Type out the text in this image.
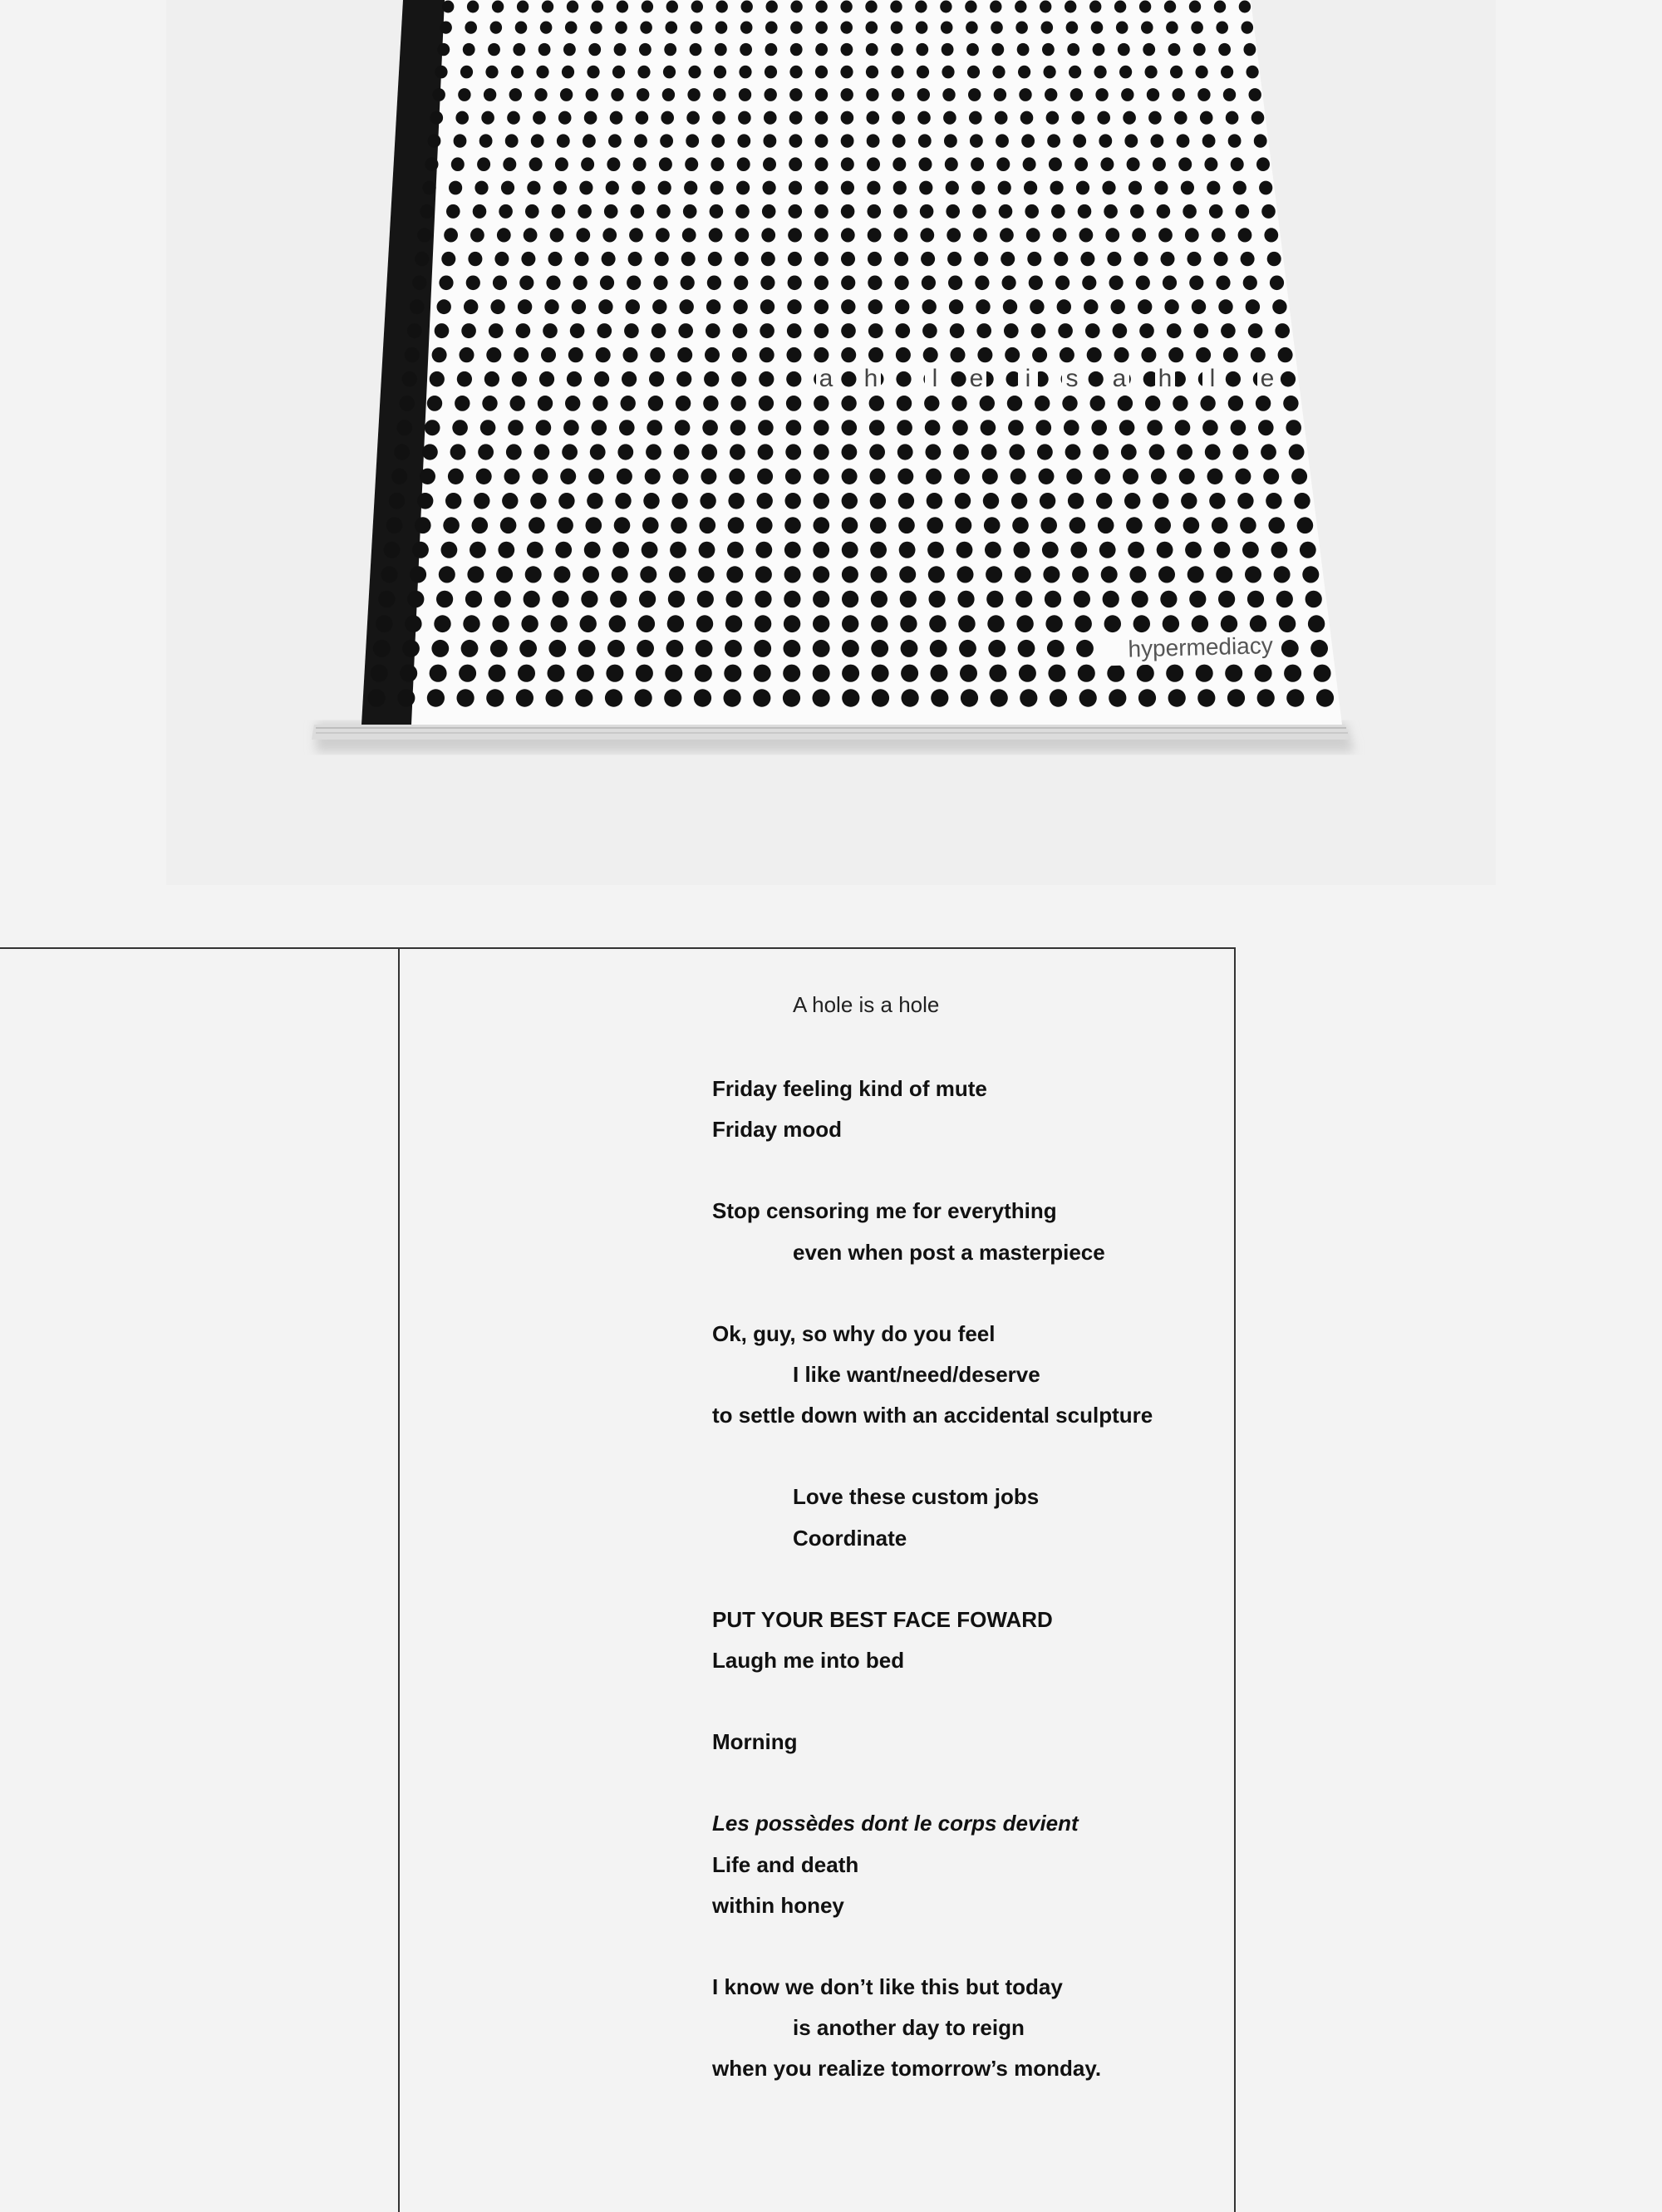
a h l e i s a h l e
hypermediacy
A hole is a hole
Friday feeling kind of mute
Friday mood
Stop censoring me for everything
even when post a masterpiece
Ok, guy, so why do you feel
I like want/need/deserve
to settle down with an accidental sculpture
Love these custom jobs
Coordinate
PUT YOUR BEST FACE FOWARD
Laugh me into bed
Morning
Les possèdes dont le corps devient
Life and death
within honey
I know we don’t like this but today
is another day to reign
when you realize tomorrow’s monday.
